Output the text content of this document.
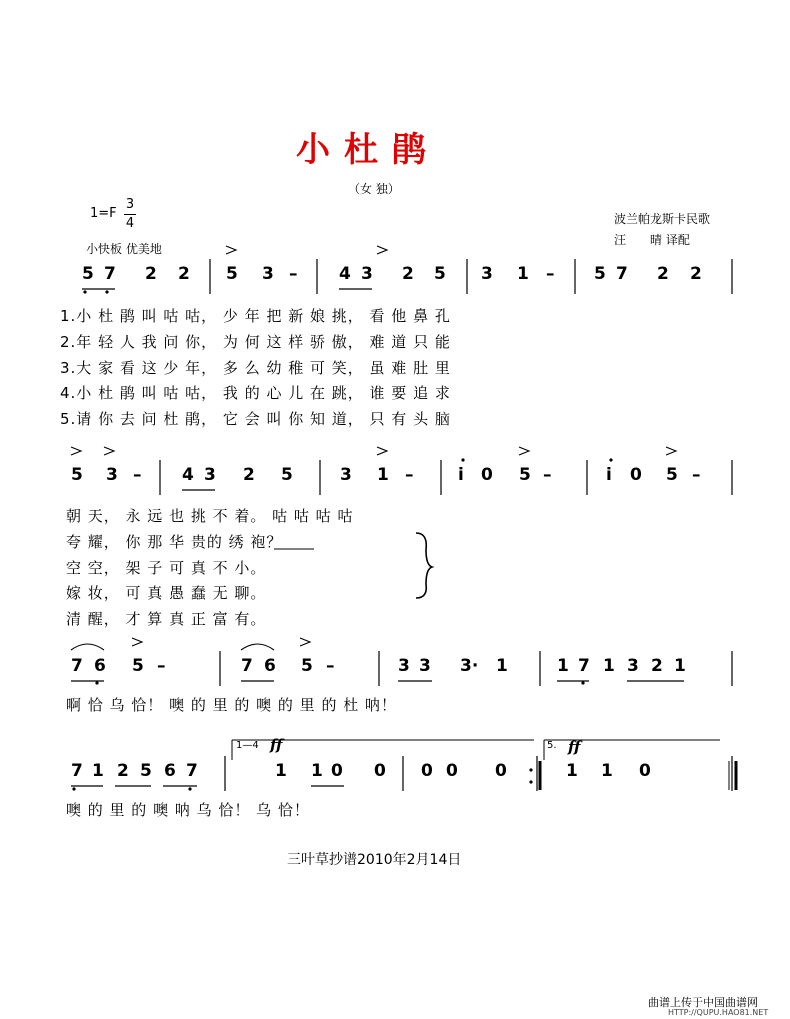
小杜鹃
（女 独）
1=F
3
4
小快板 优美地
波兰帕龙斯卡民歌
汪　　晴 译配
5 7 2 2 5 3 – 4 3 2 5 3 1 – 5 7 2 2
5 3 – 4 3 2 5	3 1 –	i 0 5 –	i 0 5 –
7 6 5 –	7 6 5 –	3 3 3· 1	1 7 1 3 2 1
7 1 2 5 6 7	1 1 0 0 0 0 0	1 1 0
1.小 杜 鹃 叫 咕 咕， 少 年 把 新 娘 挑， 看 他 鼻 孔
2.年 轻 人 我 问 你， 为 何 这 样 骄 傲， 难 道 只 能
3.大 家 看 这 少 年， 多 么 幼 稚 可 笑， 虽 难 肚 里
4.小 杜 鹃 叫 咕 咕， 我 的 心 儿 在 跳， 谁 要 追 求
5.请 你 去 问 杜 鹃， 它 会 叫 你 知 道， 只 有 头 脑
朝 天， 永 远 也 挑 不 着。 咕 咕 咕 咕
夸 耀， 你 那 华 贵的 绣 袍？
空 空， 架 子 可 真 不 小。
嫁 妆， 可 真 愚 蠢 无 聊。
清 醒， 才 算 真 正 富 有。
啊 恰 乌 恰！ 噢 的 里 的 噢 的 里 的 杜 呐！
噢 的 里 的 噢 呐 乌 恰！ 乌 恰！
1—4	5.
ff	ff
三叶草抄谱2010年2月14日
曲谱上传于中国曲谱网
HTTP://QUPU.HAO81.NET
